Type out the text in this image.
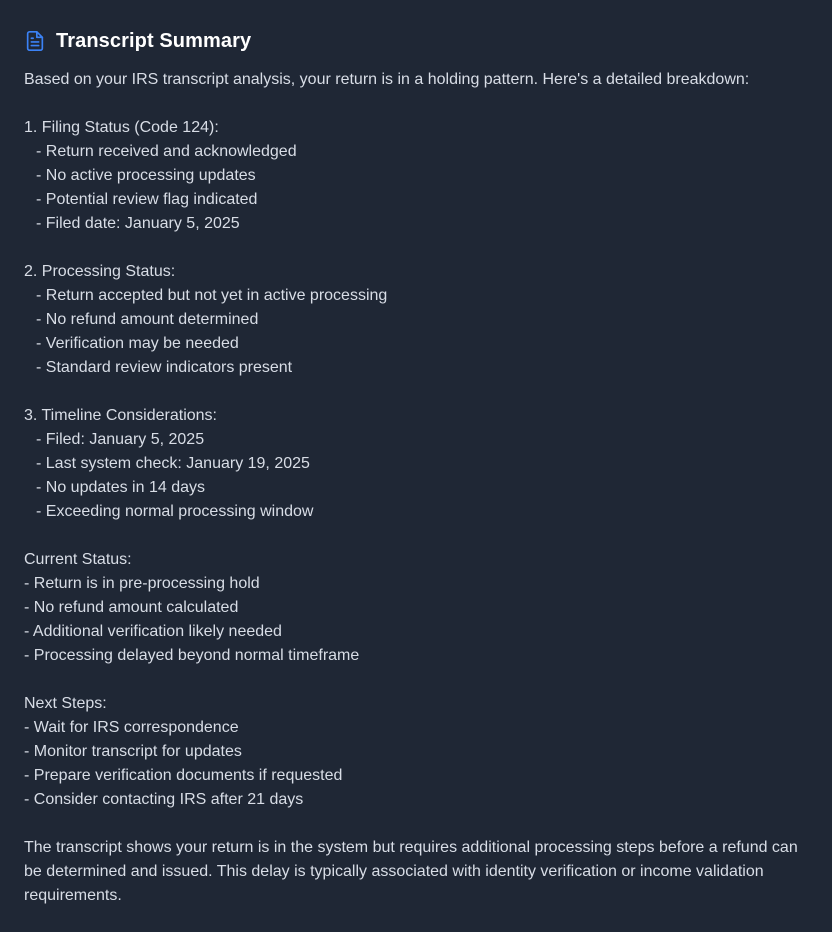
Transcript Summary
Based on your IRS transcript analysis, your return is in a holding pattern. Here's a detailed breakdown:
1. Filing Status (Code 124):
- Return received and acknowledged
- No active processing updates
- Potential review flag indicated
- Filed date: January 5, 2025
2. Processing Status:
- Return accepted but not yet in active processing
- No refund amount determined
- Verification may be needed
- Standard review indicators present
3. Timeline Considerations:
- Filed: January 5, 2025
- Last system check: January 19, 2025
- No updates in 14 days
- Exceeding normal processing window
Current Status:
- Return is in pre-processing hold
- No refund amount calculated
- Additional verification likely needed
- Processing delayed beyond normal timeframe
Next Steps:
- Wait for IRS correspondence
- Monitor transcript for updates
- Prepare verification documents if requested
- Consider contacting IRS after 21 days
The transcript shows your return is in the system but requires additional processing steps before a refund can be determined and issued. This delay is typically associated with identity verification or income validation requirements.
